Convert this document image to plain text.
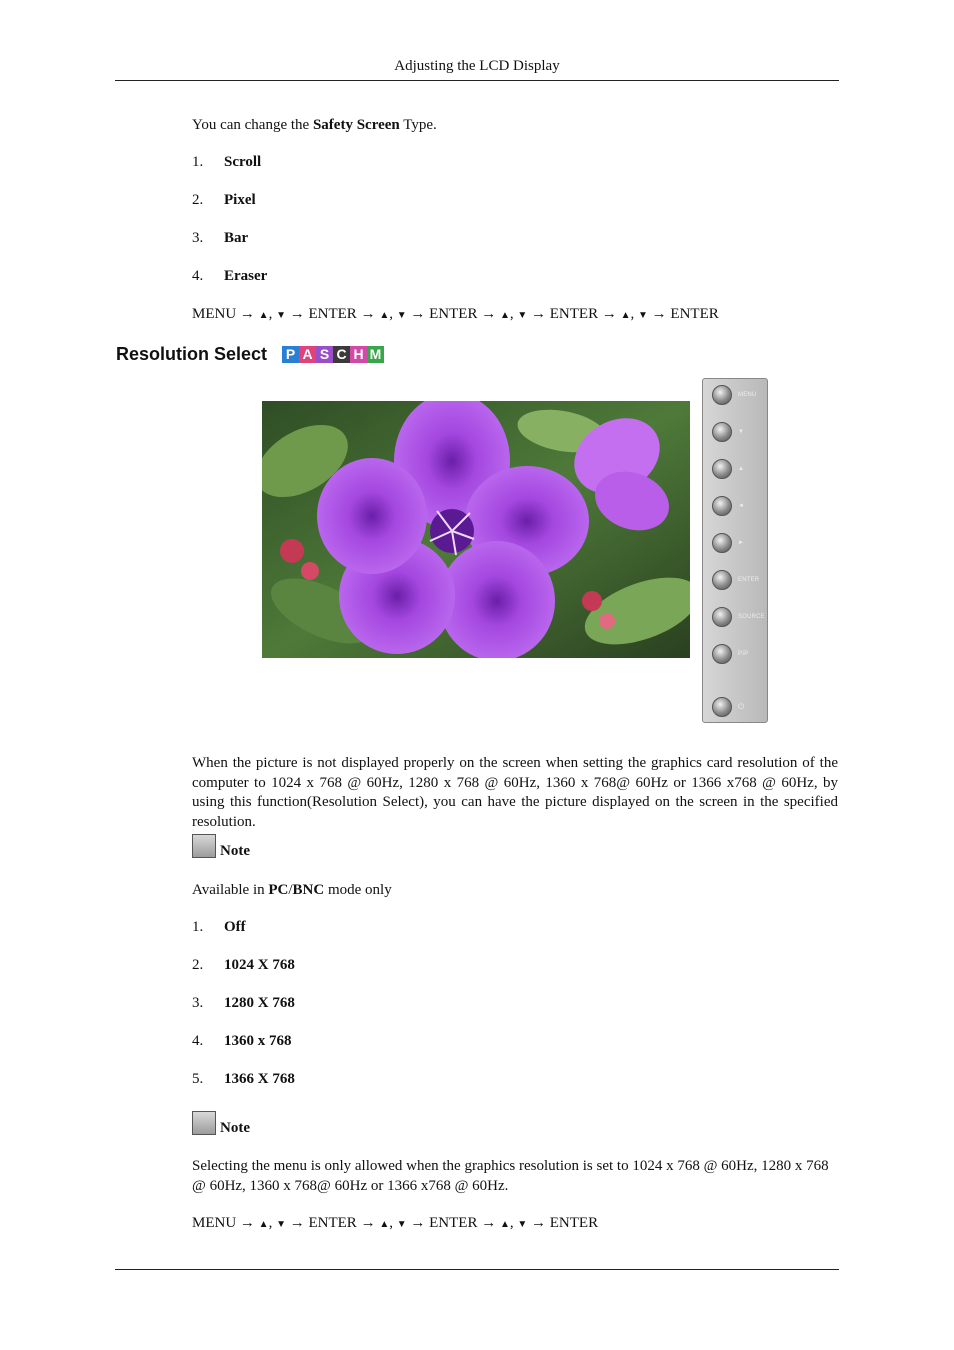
Adjusting the LCD Display
You can change the Safety Screen Type.
1. Scroll
2. Pixel
3. Bar
4. Eraser
MENU → ▲, ▼ → ENTER → ▲, ▼ → ENTER → ▲, ▼ → ENTER → ▲, ▼ → ENTER
Resolution Select P A S C H M
MENU
▼
▲
◄
►
ENTER
SOURCE
PIP
⏻
When the picture is not displayed properly on the screen when setting the graphics card resolution of the computer to 1024 x 768 @ 60Hz, 1280 x 768 @ 60Hz, 1360 x 768@ 60Hz or 1366 x768 @ 60Hz, by using this function(Resolution Select), you can have the picture displayed on the screen in the specified resolution.
Note
Available in PC/BNC mode only
1. Off
2. 1024 X 768
3. 1280 X 768
4. 1360 x 768
5. 1366 X 768
Note
Selecting the menu is only allowed when the graphics resolution is set to 1024 x 768 @ 60Hz, 1280 x 768 @ 60Hz, 1360 x 768@ 60Hz or 1366 x768 @ 60Hz.
MENU → ▲, ▼ → ENTER → ▲, ▼ → ENTER → ▲, ▼ → ENTER
